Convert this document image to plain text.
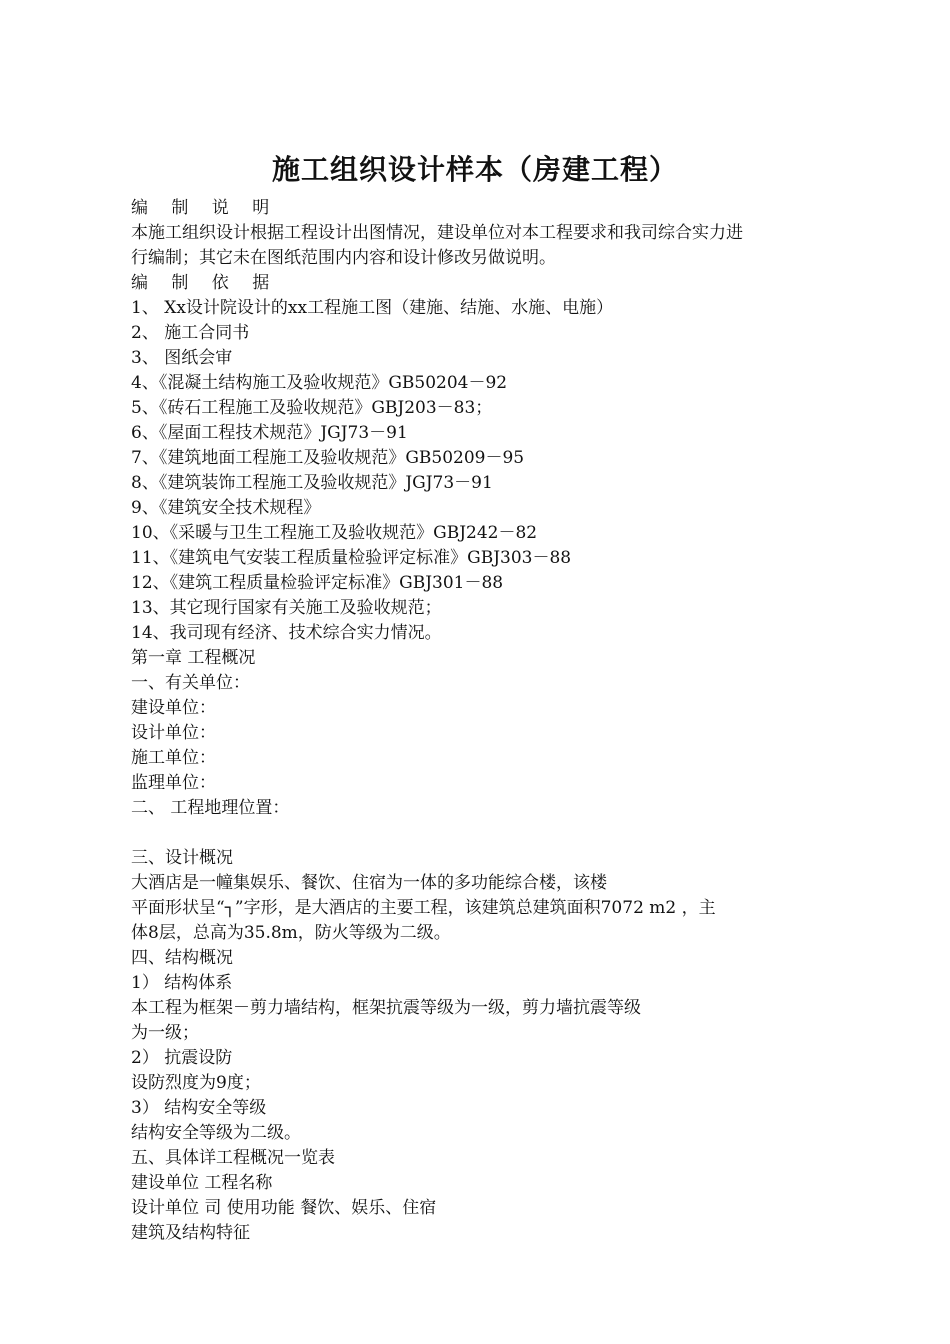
施工组织设计样本（房建工程）
编 制 说 明
本施工组织设计根据工程设计出图情况，建设单位对本工程要求和我司综合实力进
行编制；其它未在图纸范围内内容和设计修改另做说明。
编 制 依 据
1、 Xx设计院设计的xx工程施工图（建施、结施、水施、电施）
2、 施工合同书
3、 图纸会审
4、《混凝土结构施工及验收规范》GB50204－92
5、《砖石工程施工及验收规范》GBJ203－83；
6、《屋面工程技术规范》JGJ73－91
7、《建筑地面工程施工及验收规范》GB50209－95
8、《建筑装饰工程施工及验收规范》JGJ73－91
9、《建筑安全技术规程》
10、《采暖与卫生工程施工及验收规范》GBJ242－82
11、《建筑电气安装工程质量检验评定标准》GBJ303－88
12、《建筑工程质量检验评定标准》GBJ301－88
13、其它现行国家有关施工及验收规范；
14、我司现有经济、技术综合实力情况。
第一章 工程概况
一、有关单位：
建设单位：
设计单位：
施工单位：
监理单位：
二、 工程地理位置：
三、设计概况
大酒店是一幢集娱乐、餐饮、住宿为一体的多功能综合楼，该楼
平面形状呈“┐”字形，是大酒店的主要工程，该建筑总建筑面积7072 m2 ，主
体8层，总高为35.8m，防火等级为二级。
四、结构概况
1） 结构体系
本工程为框架－剪力墙结构，框架抗震等级为一级，剪力墙抗震等级
为一级；
2） 抗震设防
设防烈度为9度；
3） 结构安全等级
结构安全等级为二级。
五、具体详工程概况一览表
建设单位 工程名称
设计单位 司 使用功能 餐饮、娱乐、住宿
建筑及结构特征
